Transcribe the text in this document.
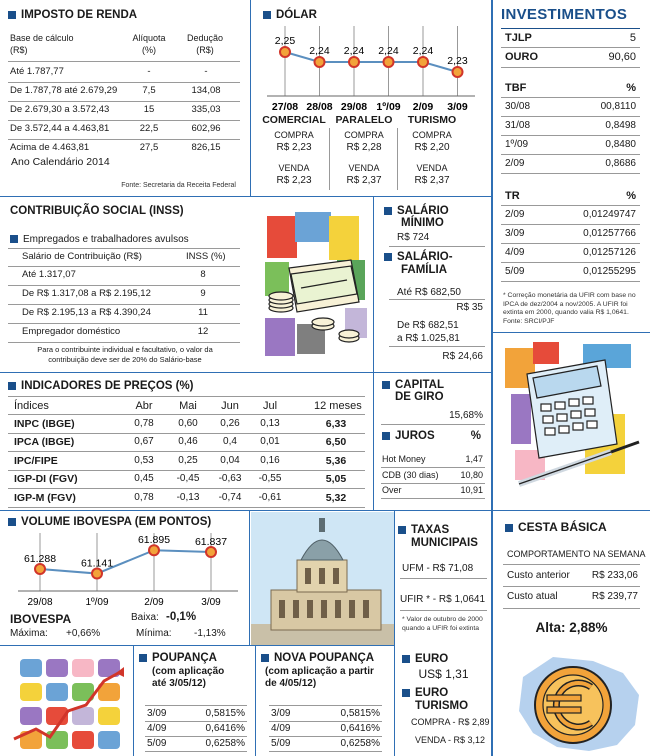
IMPOSTO DE RENDA
Base de cálculo
(R$)
Alíquota
(%)
Dedução
(R$)
Até 1.787,77	-	-
De 1.787,78 até 2.679,29	7,5	134,08
De 2.679,30 a 3.572,43	15	335,03
De 3.572,44 a 4.463,81	22,5	602,96
Acima de 4.463,81	27,5	826,15
Ano Calendário 2014
Fonte: Secretaria da Receita Federal
DÓLAR
2,25
27/08
2,24
28/08
2,24
29/08
2,24
1º/09
2,24
2/09
2,23
3/09
COMERCIAL
COMPRA
R$ 2,23
VENDA
R$ 2,23
PARALELO
COMPRA
R$ 2,28
VENDA
R$ 2,37
TURISMO
COMPRA
R$ 2,20
VENDA
R$ 2,37
INVESTIMENTOS
TJLP	5
OURO	90,60
TBF	%
30/08	00,8110
31/08	0,8498
1º/09	0,8480
2/09	0,8686
TR	%
2/09	0,01249747
3/09	0,01257766
4/09	0,01257126
5/09	0,01255295
* Correção monetária da UFIR com base no IPCA de dez/2004 a nov/2005. A UFIR foi extinta em 2000, quando valia R$ 1,0641. Fonte: SRCI/PJF
CONTRIBUIÇÃO SOCIAL (INSS)
Empregados e trabalhadores avulsos
Salário de Contribuição (R$)	INSS (%)
Até 1.317,07	8
De R$ 1.317,08 a R$ 2.195,12	9
De R$ 2.195,13 a R$ 4.390,24	11
Empregador doméstico	12
Para o contribuinte individual e facultativo, o valor da
contribuição deve ser de 20% do Salário-base
SALÁRIO
MÍNIMO
R$ 724
SALÁRIO-
FAMÍLIA
Até R$ 682,50
R$ 35
De R$ 682,51
a R$ 1.025,81
R$ 24,66
INDICADORES DE PREÇOS (%)
Índices	Abr	Mai	Jun	Jul	12 meses
INPC (IBGE)	0,78	0,60	0,26	0,13	6,33
IPCA (IBGE)	0,67	0,46	0,4	0,01	6,50
IPC/FIPE	0,53	0,25	0,04	0,16	5,36
IGP-DI (FGV)	0,45	-0,45	-0,63	-0,55	5,05
IGP-M (FGV)	0,78	-0,13	-0,74	-0,61	5,32
CAPITAL
DE GIRO
15,68%
JUROS	%
Hot Money	1,47
CDB (30 dias) 10,80
Over	10,91
VOLUME IBOVESPA (EM PONTOS)
61.288
29/08
61.141
1º/09
61.895
2/09
61.837
3/09
IBOVESPA	Baixa: -0,1%
Máxima: +0,66%	Mínima: -1,13%
TAXAS
MUNICIPAIS
UFM - R$ 71,08
UFIR * - R$ 1,0641
* Valor de outubro de 2000 quando a UFIR foi extinta
CESTA BÁSICA
COMPORTAMENTO NA SEMANA
Custo anterior R$ 233,06
Custo atual	R$ 239,77
Alta: 2,88%
POUPANÇA
(com aplicação
até 3/05/12)
3/09	0,5815%
4/09	0,6416%
5/09	0,6258%
NOVA POUPANÇA
(com aplicação a partir
de 4/05/12)
3/09	0,5815%
4/09	0,6416%
5/09	0,6258%
EURO
US$ 1,31
EURO
TURISMO
COMPRA - R$ 2,89
VENDA - R$ 3,12
